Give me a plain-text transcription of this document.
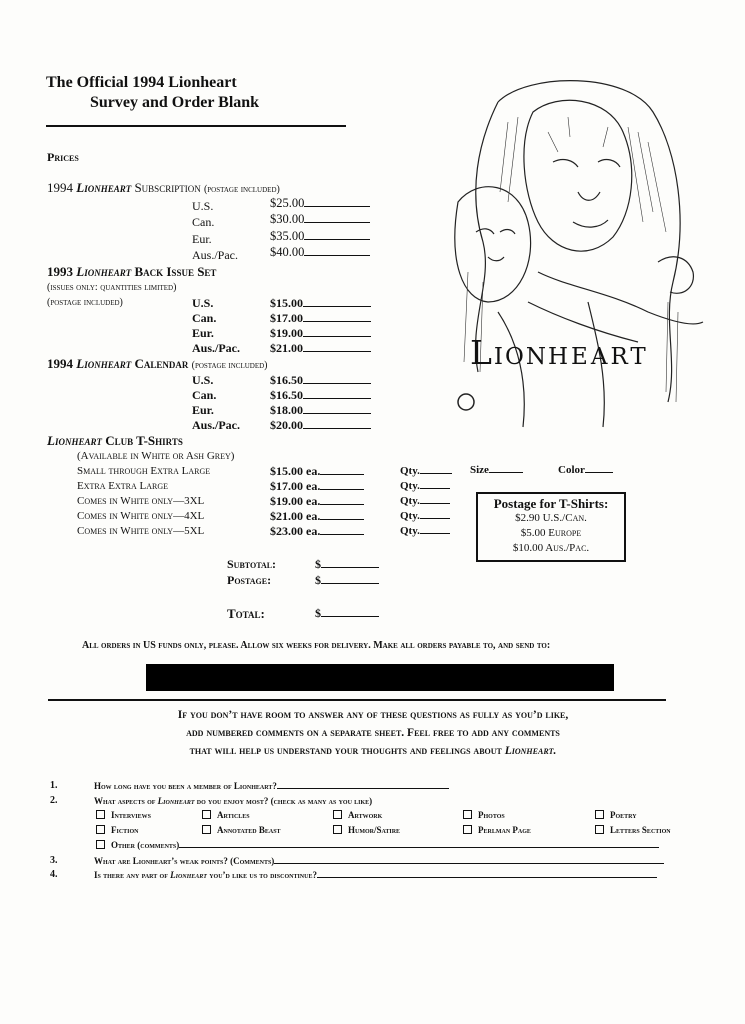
The Official 1994 Lionheart
Survey and Order Blank
Prices
1994 Lionheart Subscription (postage included)
U.S.	$25.00
Can.	$30.00
Eur.	$35.00
Aus./Pac.	$40.00
1993 Lionheart Back Issue Set
(issues only: quantities limited)
(postage included)	U.S.	$15.00
Can.	$17.00
Eur.	$19.00
Aus./Pac.	$21.00
1994 Lionheart Calendar (postage included)
U.S.	$16.50
Can.	$16.50
Eur.	$18.00
Aus./Pac.	$20.00
Lionheart Club T-Shirts
(Available in White or Ash Grey)
Small through Extra Large	$15.00 ea.	Qty.	Size	Color
Extra Extra Large	$17.00 ea.	Qty.
Comes in White only—3XL	$19.00 ea.	Qty.
Comes in White only—4XL	$21.00 ea.	Qty.
Comes in White only—5XL	$23.00 ea.	Qty.
Postage for T-Shirts:
$2.90 U.S./Can.
$5.00 Europe
$10.00 Aus./Pac.
Subtotal:	$
Postage:	$
Total:	$
All orders in US funds only, please. Allow six weeks for delivery. Make all orders payable to, and send to:
If you don’t have room to answer any of these questions as fully as you’d like,
add numbered comments on a separate sheet. Feel free to add any comments
that will help us understand your thoughts and feelings about Lionheart.
1.	How long have you been a member of Lionheart?
2.	What aspects of Lionheart do you enjoy most? (check as many as you like)
Interviews	Articles	Artwork	Photos	Poetry
Fiction	Annotated Beast	Humor/Satire	Perlman Page	Letters Section
Other (comments)
3.	What are Lionheart’s weak points? (Comments)
4.	Is there any part of Lionheart you’d like us to discontinue?
LIONHEART
